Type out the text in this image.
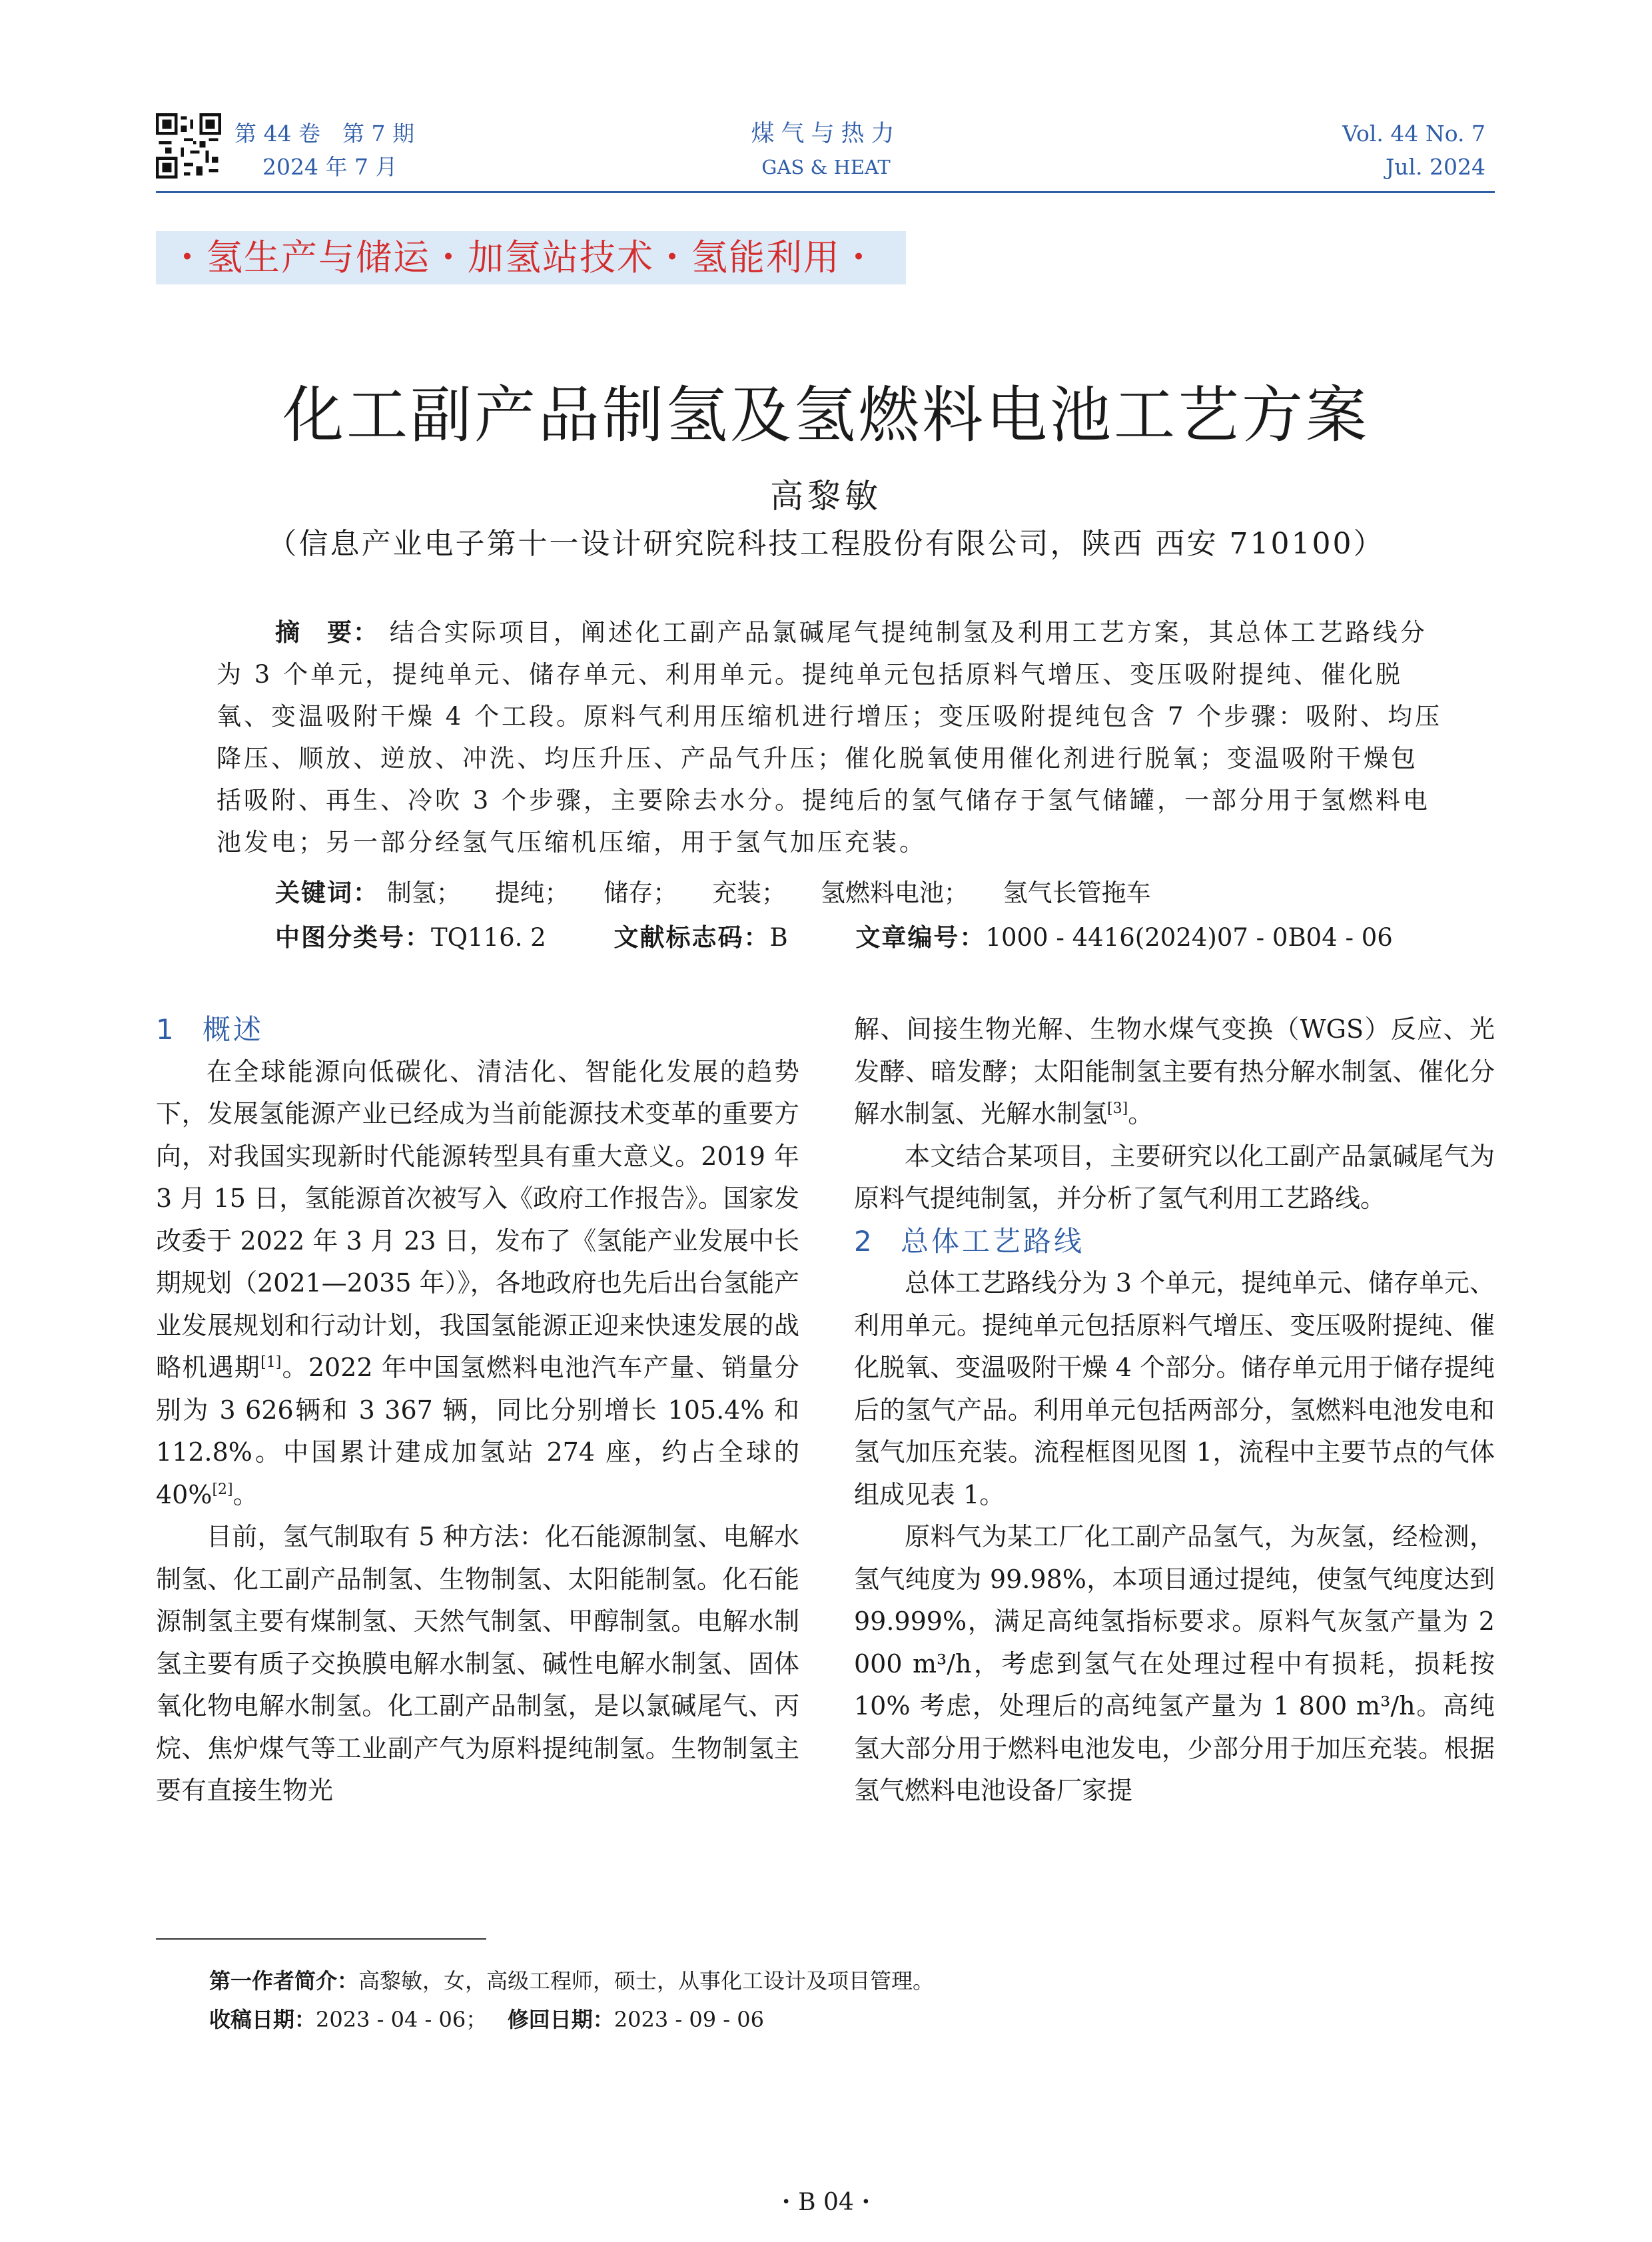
第 44 卷　第 7 期
2024 年 7 月
煤气与热力
GAS & HEAT
Vol. 44 No. 7
Jul. 2024
・氢生产与储运・加氢站技术・氢能利用・
化工副产品制氢及氢燃料电池工艺方案
高黎敏
（信息产业电子第十一设计研究院科技工程股份有限公司，陕西 西安 710100）
摘　要： 结合实际项目，阐述化工副产品氯碱尾气提纯制氢及利用工艺方案，其总体工艺路线分为 3 个单元，提纯单元、储存单元、利用单元。提纯单元包括原料气增压、变压吸附提纯、催化脱氧、变温吸附干燥 4 个工段。原料气利用压缩机进行增压；变压吸附提纯包含 7 个步骤：吸附、均压降压、顺放、逆放、冲洗、均压升压、产品气升压；催化脱氧使用催化剂进行脱氧；变温吸附干燥包括吸附、再生、冷吹 3 个步骤，主要除去水分。提纯后的氢气储存于氢气储罐，一部分用于氢燃料电池发电；另一部分经氢气压缩机压缩，用于氢气加压充装。
关键词： 制氢； 提纯； 储存； 充装； 氢燃料电池； 氢气长管拖车
中图分类号：TQ116. 2	文献标志码：B	文章编号：1000 - 4416(2024)07 - 0B04 - 06
1 概述

在全球能源向低碳化、清洁化、智能化发展的趋势下，发展氢能源产业已经成为当前能源技术变革的重要方向，对我国实现新时代能源转型具有重大意义。2019 年 3 月 15 日，氢能源首次被写入《政府工作报告》。国家发改委于 2022 年 3 月 23 日，发布了《氢能产业发展中长期规划（2021—2035 年）》，各地政府也先后出台氢能产业发展规划和行动计划，我国氢能源正迎来快速发展的战略机遇期[1]。2022 年中国氢燃料电池汽车产量、销量分别为 3 626辆和 3 367 辆，同比分别增长 105.4% 和 112.8%。中国累计建成加氢站 274 座，约占全球的 40%[2]。

目前，氢气制取有 5 种方法：化石能源制氢、电解水制氢、化工副产品制氢、生物制氢、太阳能制氢。化石能源制氢主要有煤制氢、天然气制氢、甲醇制氢。电解水制氢主要有质子交换膜电解水制氢、碱性电解水制氢、固体氧化物电解水制氢。化工副产品制氢，是以氯碱尾气、丙烷、焦炉煤气等工业副产气为原料提纯制氢。生物制氢主要有直接生物光

解、间接生物光解、生物水煤气变换（WGS）反应、光发酵、暗发酵；太阳能制氢主要有热分解水制氢、催化分解水制氢、光解水制氢[3]。

本文结合某项目，主要研究以化工副产品氯碱尾气为原料气提纯制氢，并分析了氢气利用工艺路线。

2 总体工艺路线

总体工艺路线分为 3 个单元，提纯单元、储存单元、利用单元。提纯单元包括原料气增压、变压吸附提纯、催化脱氧、变温吸附干燥 4 个部分。储存单元用于储存提纯后的氢气产品。利用单元包括两部分，氢燃料电池发电和氢气加压充装。流程框图见图 1，流程中主要节点的气体组成见表 1。

原料气为某工厂化工副产品氢气，为灰氢，经检测，氢气纯度为 99.98%，本项目通过提纯，使氢气纯度达到 99.999%，满足高纯氢指标要求。原料气灰氢产量为 2 000 m³/h，考虑到氢气在处理过程中有损耗，损耗按 10% 考虑，处理后的高纯氢产量为 1 800 m³/h。高纯氢大部分用于燃料电池发电，少部分用于加压充装。根据氢气燃料电池设备厂家提

第一作者简介：高黎敏，女，高级工程师，硕士，从事化工设计及项目管理。
收稿日期：2023 - 04 - 06； 修回日期：2023 - 09 - 06
・B 04・
